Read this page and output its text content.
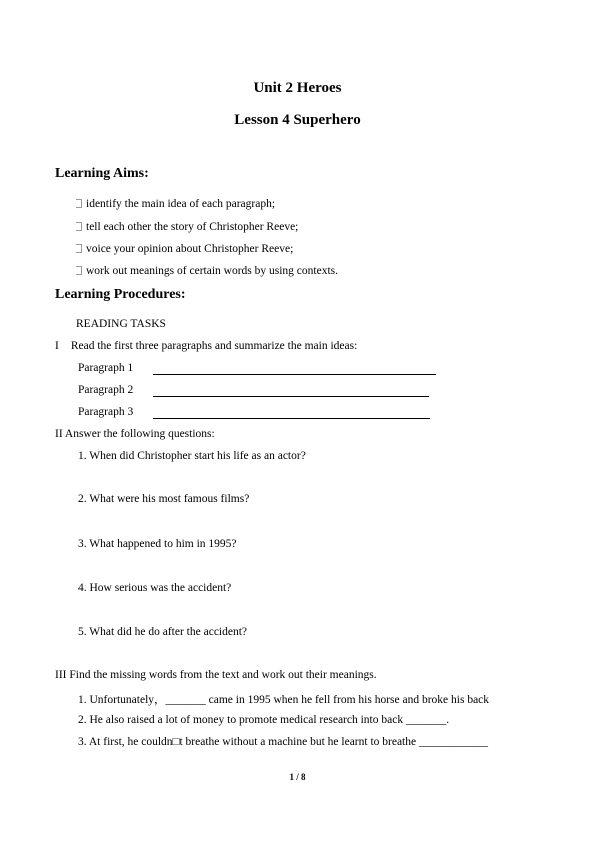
Unit 2 Heroes
Lesson 4 Superhero
Learning Aims:
identify the main idea of each paragraph;
tell each other the story of Christopher Reeve;
voice your opinion about Christopher Reeve;
work out meanings of certain words by using contexts.
Learning Procedures:
READING TASKS
I Read the first three paragraphs and summarize the main ideas:
Paragraph 1
Paragraph 2
Paragraph 3
II Answer the following questions:
1. When did Christopher start his life as an actor?
2. What were his most famous films?
3. What happened to him in 1995?
4. How serious was the accident?
5. What did he do after the accident?
III Find the missing words from the text and work out their meanings.
1. Unfortunately，_______ came in 1995 when he fell from his horse and broke his back
2. He also raised a lot of money to promote medical research into back _______.
3. At first, he couldn□t breathe without a machine but he learnt to breathe ____________
1 / 8
